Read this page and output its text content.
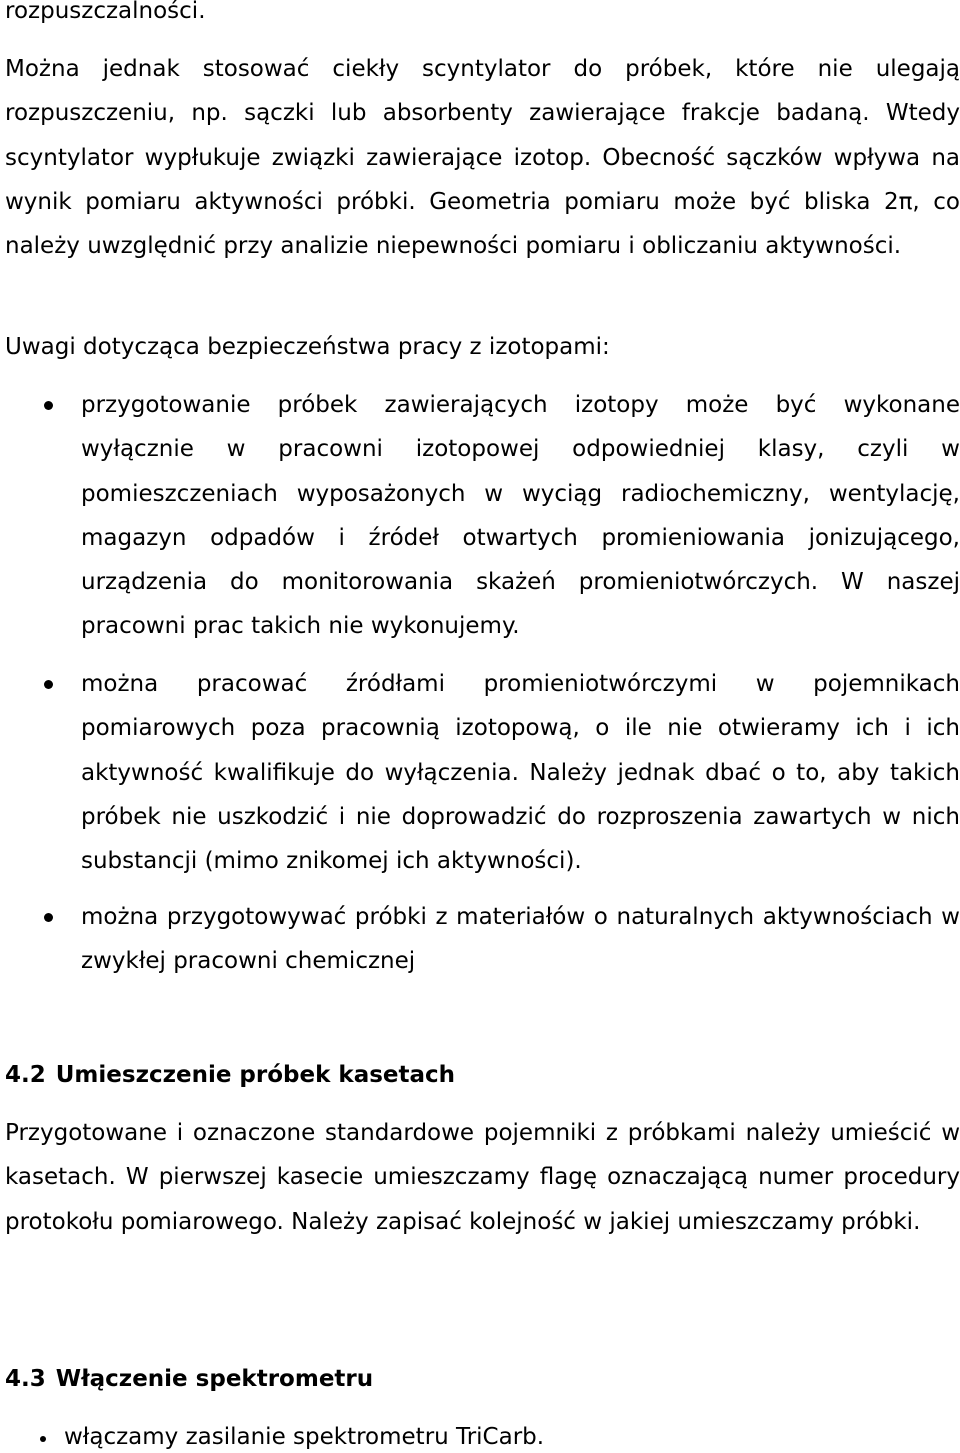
rozpuszczalności.

Można jednak stosować ciekły scyntylator do próbek, które nie ulegają rozpuszczeniu, np. sączki lub absorbenty zawierające frakcje badaną. Wtedy scyntylator wypłukuje związki zawierające izotop. Obecność sączków wpływa na wynik pomiaru aktywności próbki. Geometria pomiaru może być bliska 2π, co należy uwzględnić przy analizie niepewności pomiaru i obliczaniu aktywności.

Uwagi dotycząca bezpieczeństwa pracy z izotopami:

przygotowanie próbek zawierających izotopy może być wykonane wyłącznie w pracowni izotopowej odpowiedniej klasy, czyli w pomieszczeniach wyposażonych w wyciąg radiochemiczny, wentylację, magazyn odpadów i źródeł otwartych promieniowania jonizującego, urządzenia do monitorowania skażeń promieniotwórczych. W naszej pracowni prac takich nie wykonujemy.

można pracować źródłami promieniotwórczymi w pojemnikach pomiarowych poza pracownią izotopową, o ile nie otwieramy ich i ich aktywność kwalifikuje do wyłączenia. Należy jednak dbać o to, aby takich próbek nie uszkodzić i nie doprowadzić do rozproszenia zawartych w nich substancji (mimo znikomej ich aktywności).

można przygotowywać próbki z materiałów o naturalnych aktywnościach w zwykłej pracowni chemicznej

4.2 Umieszczenie próbek kasetach

Przygotowane i oznaczone standardowe pojemniki z próbkami należy umieścić w kasetach. W pierwszej kasecie umieszczamy flagę oznaczającą numer procedury protokołu pomiarowego. Należy zapisać kolejność w jakiej umieszczamy próbki.

4.3 Włączenie spektrometru

włączamy zasilanie spektrometru TriCarb.
